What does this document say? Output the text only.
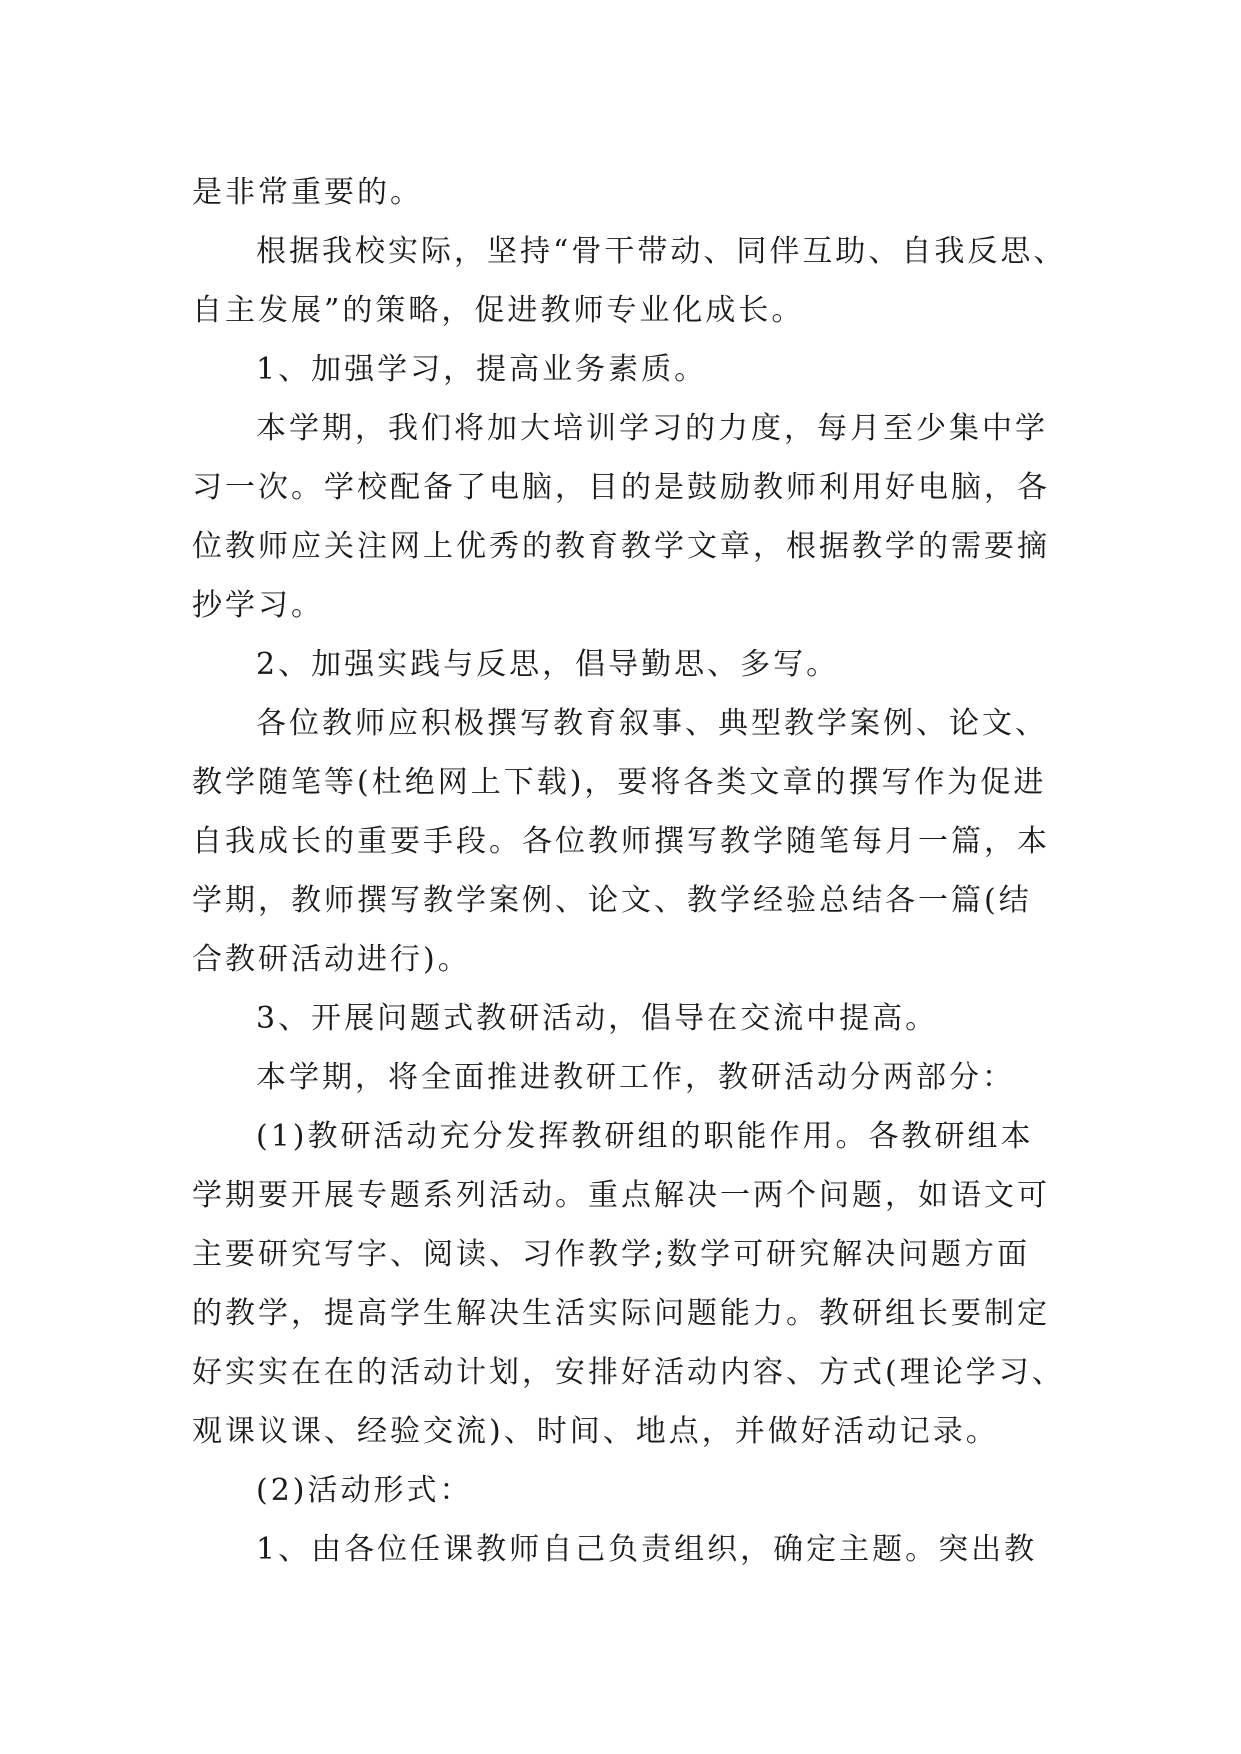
是非常重要的。
根据我校实际，坚持“骨干带动、同伴互助、自我反思、
自主发展”的策略，促进教师专业化成长。
1、加强学习，提高业务素质。
本学期，我们将加大培训学习的力度，每月至少集中学
习一次。学校配备了电脑，目的是鼓励教师利用好电脑，各
位教师应关注网上优秀的教育教学文章，根据教学的需要摘
抄学习。
2、加强实践与反思，倡导勤思、多写。
各位教师应积极撰写教育叙事、典型教学案例、论文、
教学随笔等(杜绝网上下载)，要将各类文章的撰写作为促进
自我成长的重要手段。各位教师撰写教学随笔每月一篇，本
学期，教师撰写教学案例、论文、教学经验总结各一篇(结
合教研活动进行)。
3、开展问题式教研活动，倡导在交流中提高。
本学期，将全面推进教研工作，教研活动分两部分：
(1)教研活动充分发挥教研组的职能作用。各教研组本
学期要开展专题系列活动。重点解决一两个问题，如语文可
主要研究写字、阅读、习作教学;数学可研究解决问题方面
的教学，提高学生解决生活实际问题能力。教研组长要制定
好实实在在的活动计划，安排好活动内容、方式(理论学习、
观课议课、经验交流)、时间、地点，并做好活动记录。
(2)活动形式：
1、由各位任课教师自己负责组织，确定主题。突出教
